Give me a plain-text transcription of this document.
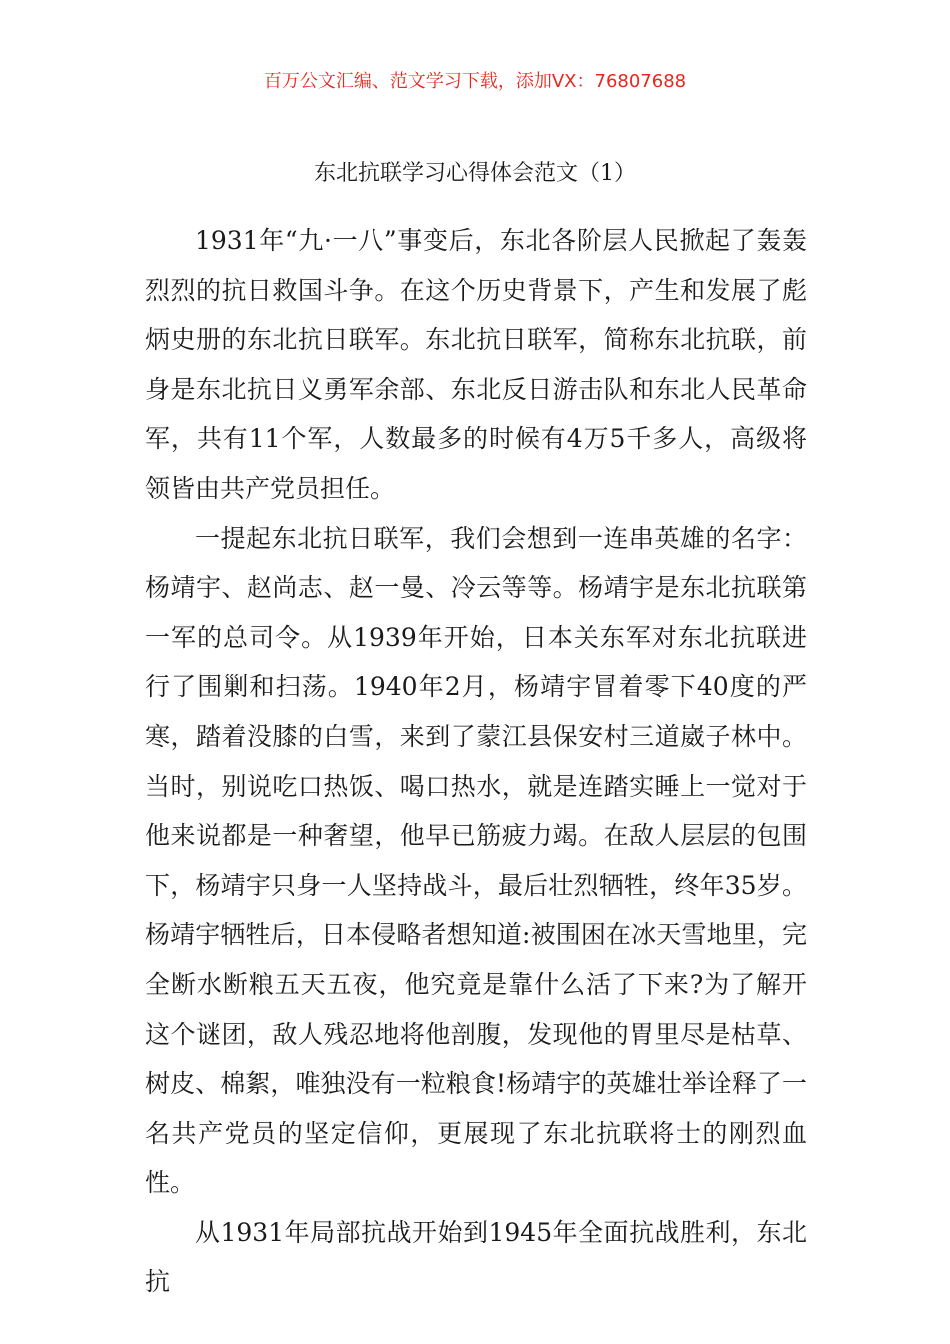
百万公文汇编、范文学习下载，添加VX：76807688
东北抗联学习心得体会范文（1）

1931年“九·一八”事变后，东北各阶层人民掀起了轰轰烈烈的抗日救国斗争。在这个历史背景下，产生和发展了彪炳史册的东北抗日联军。东北抗日联军，简称东北抗联，前身是东北抗日义勇军余部、东北反日游击队和东北人民革命军，共有11个军，人数最多的时候有4万5千多人，高级将领皆由共产党员担任。

一提起东北抗日联军，我们会想到一连串英雄的名字：杨靖宇、赵尚志、赵一曼、冷云等等。杨靖宇是东北抗联第一军的总司令。从1939年开始，日本关东军对东北抗联进行了围剿和扫荡。1940年2月，杨靖宇冒着零下40度的严寒，踏着没膝的白雪，来到了蒙江县保安村三道崴子林中。当时，别说吃口热饭、喝口热水，就是连踏实睡上一觉对于他来说都是一种奢望，他早已筋疲力竭。在敌人层层的包围下，杨靖宇只身一人坚持战斗，最后壮烈牺牲，终年35岁。杨靖宇牺牲后，日本侵略者想知道:被围困在冰天雪地里，完全断水断粮五天五夜，他究竟是靠什么活了下来?为了解开这个谜团，敌人残忍地将他剖腹，发现他的胃里尽是枯草、树皮、棉絮，唯独没有一粒粮食!杨靖宇的英雄壮举诠释了一名共产党员的坚定信仰，更展现了东北抗联将士的刚烈血性。

从1931年局部抗战开始到1945年全面抗战胜利，东北抗
